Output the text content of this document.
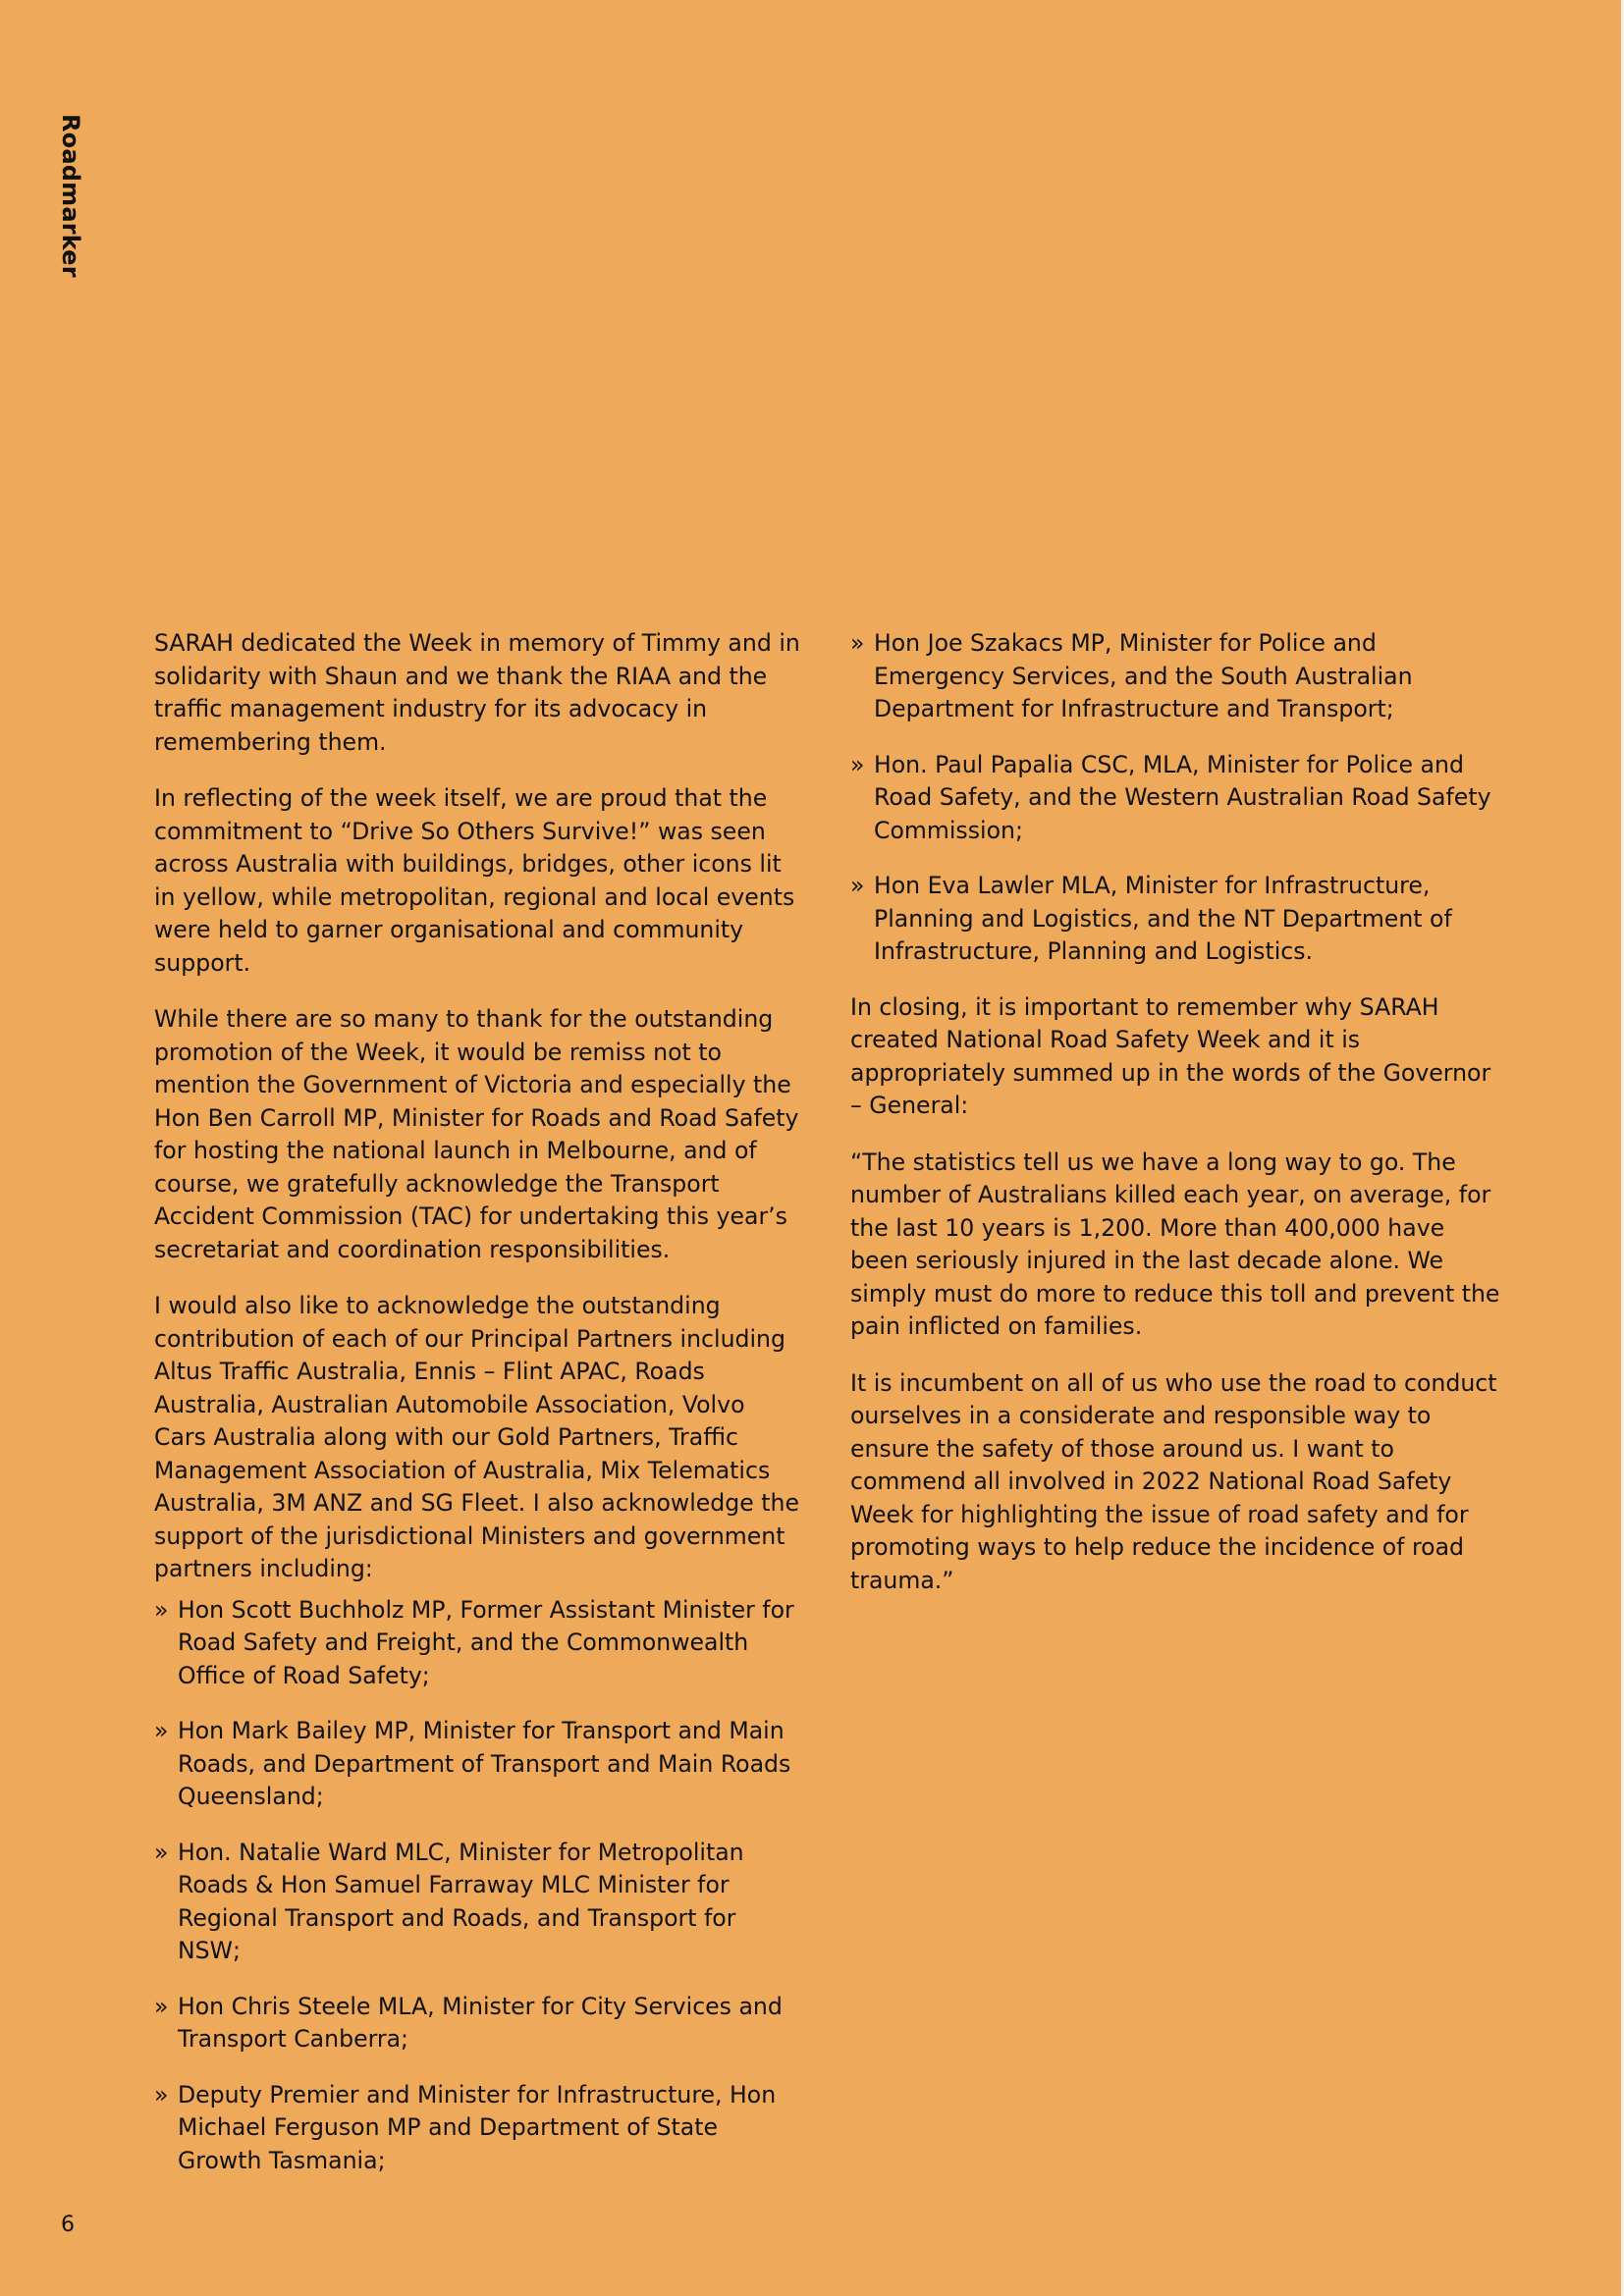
Roadmarker

SARAH dedicated the Week in memory of Timmy and in solidarity with Shaun and we thank the RIAA and the traffic management industry for its advocacy in remembering them.

In reflecting of the week itself, we are proud that the commitment to “Drive So Others Survive!” was seen across Australia with buildings, bridges, other icons lit in yellow, while metropolitan, regional and local events were held to garner organisational and community support.

While there are so many to thank for the outstanding promotion of the Week, it would be remiss not to mention the Government of Victoria and especially the Hon Ben Carroll MP, Minister for Roads and Road Safety for hosting the national launch in Melbourne, and of course, we gratefully acknowledge the Transport Accident Commission (TAC) for undertaking this year’s secretariat and coordination responsibilities.

I would also like to acknowledge the outstanding contribution of each of our Principal Partners including Altus Traffic Australia, Ennis – Flint APAC, Roads Australia, Australian Automobile Association, Volvo Cars Australia along with our Gold Partners, Traffic Management Association of Australia, Mix Telematics Australia, 3M ANZ and SG Fleet. I also acknowledge the support of the jurisdictional Ministers and government partners including:

» Hon Scott Buchholz MP, Former Assistant Minister for Road Safety and Freight, and the Commonwealth Office of Road Safety;
» Hon Mark Bailey MP, Minister for Transport and Main Roads, and Department of Transport and Main Roads Queensland;
» Hon. Natalie Ward MLC, Minister for Metropolitan Roads & Hon Samuel Farraway MLC Minister for Regional Transport and Roads, and Transport for NSW;
» Hon Chris Steele MLA, Minister for City Services and Transport Canberra;
» Deputy Premier and Minister for Infrastructure, Hon Michael Ferguson MP and Department of State Growth Tasmania;
» Hon Joe Szakacs MP, Minister for Police and Emergency Services, and the South Australian Department for Infrastructure and Transport;
» Hon. Paul Papalia CSC, MLA, Minister for Police and Road Safety, and the Western Australian Road Safety Commission;
» Hon Eva Lawler MLA, Minister for Infrastructure, Planning and Logistics, and the NT Department of Infrastructure, Planning and Logistics.

In closing, it is important to remember why SARAH created National Road Safety Week and it is appropriately summed up in the words of the Governor – General:

“The statistics tell us we have a long way to go. The number of Australians killed each year, on average, for the last 10 years is 1,200. More than 400,000 have been seriously injured in the last decade alone. We simply must do more to reduce this toll and prevent the pain inflicted on families.

It is incumbent on all of us who use the road to conduct ourselves in a considerate and responsible way to ensure the safety of those around us. I want to commend all involved in 2022 National Road Safety Week for highlighting the issue of road safety and for promoting ways to help reduce the incidence of road trauma.”

6
